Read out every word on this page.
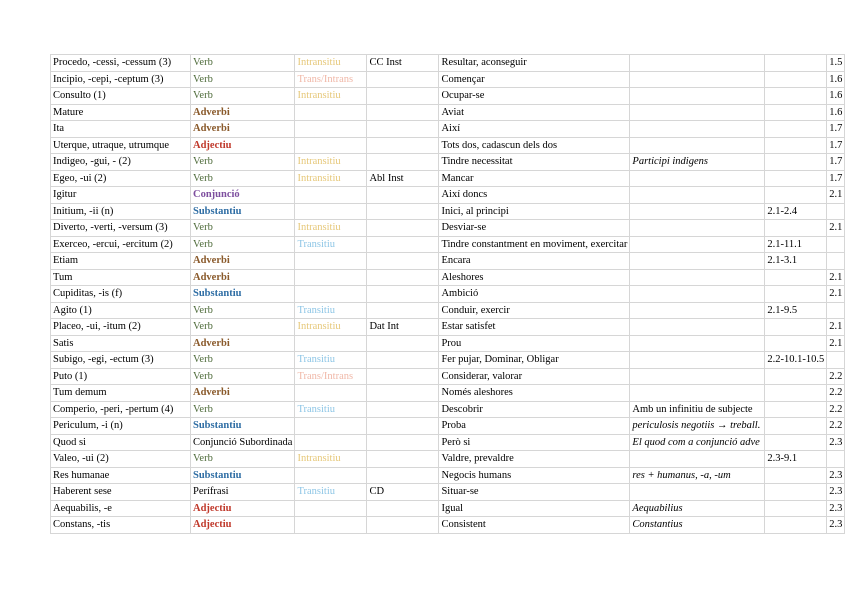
Procedo, -cessi, -cessum (3)	Verb	Intransitiu	CC Inst	Resultar, aconseguir			1.5
Incipio, -cepi, -ceptum (3)	Verb	Trans/Intrans		Començar			1.6
Consulto (1)	Verb	Intransitiu		Ocupar-se			1.6
Mature	Adverbi			Aviat			1.6
Ita	Adverbi			Així			1.7
Uterque, utraque, utrumque	Adjectiu			Tots dos, cadascun dels dos			1.7
Indigeo, -gui, - (2)	Verb	Intransitiu		Tindre necessitat	Participi indigens		1.7
Egeo, -ui (2)	Verb	Intransitiu	Abl Inst	Mancar			1.7
Igitur	Conjunció			Així doncs			2.1
Initium, -ii (n)	Substantiu			Inici, al principi		2.1-2.4	
Diverto, -verti, -versum (3)	Verb	Intransitiu		Desviar-se			2.1
Exerceo, -ercui, -ercitum (2)	Verb	Transitiu		Tindre constantment en moviment, exercitar		2.1-11.1	
Etiam	Adverbi			Encara		2.1-3.1	
Tum	Adverbi			Aleshores			2.1
Cupiditas, -is (f)	Substantiu			Ambició			2.1
Agito (1)	Verb	Transitiu		Conduir, exercir		2.1-9.5	
Placeo, -ui, -itum (2)	Verb	Intransitiu	Dat Int	Estar satisfet			2.1
Satis	Adverbi			Prou			2.1
Subigo, -egi, -ectum (3)	Verb	Transitiu		Fer pujar, Dominar, Obligar		2.2-10.1-10.5	
Puto (1)	Verb	Trans/Intrans		Considerar, valorar			2.2
Tum demum	Adverbi			Només aleshores			2.2
Comperio, -peri, -pertum (4)	Verb	Transitiu		Descobrir	Amb un infinitiu de subjecte		2.2
Periculum, -i (n)	Substantiu			Proba	periculosis negotiis → treball.		2.2
Quod si	Conjunció Subordinada			Però si	El quod com a conjunció adve		2.3
Valeo, -ui (2)	Verb	Intransitiu		Valdre, prevaldre		2.3-9.1	
Res humanae	Substantiu			Negocis humans	res + humanus, -a, -um		2.3
Haberent sese	Perífrasi	Transitiu	CD	Situar-se			2.3
Aequabilis, -e	Adjectiu			Igual	Aequabilius		2.3
Constans, -tis	Adjectiu			Consistent	Constantius		2.3
